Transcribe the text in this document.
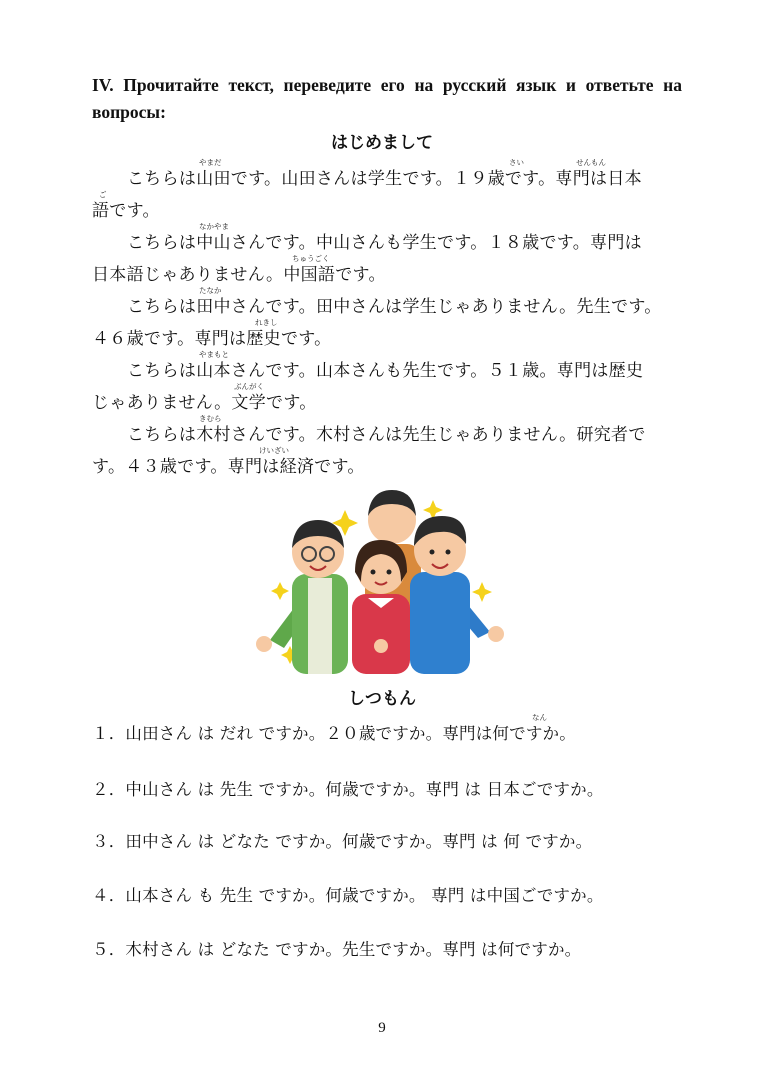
IV. Прочитайте текст, переведите его на русский язык и ответьте на вопросы:
はじめまして
やまだ	さい	せんもん
ご
なかやま
ちゅうごく
たなか
れきし
やまもと
ぶんがく
きむら
けいざい
こちらは山田です。山田さんは学生です。１９歳です。専門は日本
語です。
こちらは中山さんです。中山さんも学生です。１８歳です。専門は
日本語じゃありません。中国語です。
こちらは田中さんです。田中さんは学生じゃありません。先生です。
４６歳です。専門は歴史です。
こちらは山本さんです。山本さんも先生です。５１歳。専門は歴史
じゃありません。文学です。
こちらは木村さんです。木村さんは先生じゃありません。研究者で
す。４３歳です。専門は経済です。
しつもん
なん
１．山田さん は だれ ですか。２０歳ですか。専門は何ですか。
２．中山さん は 先生 ですか。何歳ですか。専門 は 日本ごですか。
３．田中さん は どなた ですか。何歳ですか。専門 は 何 ですか。
４．山本さん も 先生 ですか。何歳ですか。 専門 は中国ごですか。
５．木村さん は どなた ですか。先生ですか。専門 は何ですか。
9
